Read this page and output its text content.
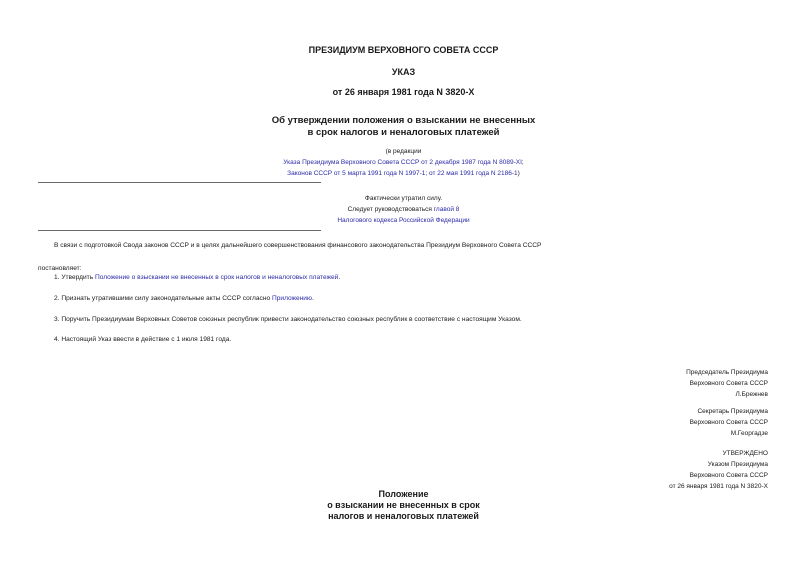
ПРЕЗИДИУМ ВЕРХОВНОГО СОВЕТА СССР
УКАЗ
от 26 января 1981 года N 3820-X
Об утверждении положения о взыскании не внесенных
в срок налогов и неналоговых платежей
(в редакции
Указа Президиума Верховного Совета СССР от 2 декабря 1987 года N 8089-XI;
Законов СССР от 5 марта 1991 года N 1997-1; от 22 мая 1991 года N 2186-1)
Фактически утратил силу.
Следует руководствоваться главой 8
Налогового кодекса Российской Федерации
В связи с подготовкой Свода законов СССР и в целях дальнейшего совершенствования финансового законодательства Президиум Верховного Совета СССР
постановляет:
1. Утвердить Положение о взыскании не внесенных в срок налогов и неналоговых платежей.
2. Признать утратившими силу законодательные акты СССР согласно Приложению.
3. Поручить Президиумам Верховных Советов союзных республик привести законодательство союзных республик в соответствие с настоящим Указом.
4. Настоящий Указ ввести в действие с 1 июля 1981 года.
Председатель Президиума
Верховного Совета СССР
Л.Брежнев
Секретарь Президиума
Верховного Совета СССР
М.Георгадзе
УТВЕРЖДЕНО
Указом Президиума
Верховного Совета СССР
от 26 января 1981 года N 3820-X
Положение
о взыскании не внесенных в срок
налогов и неналоговых платежей
